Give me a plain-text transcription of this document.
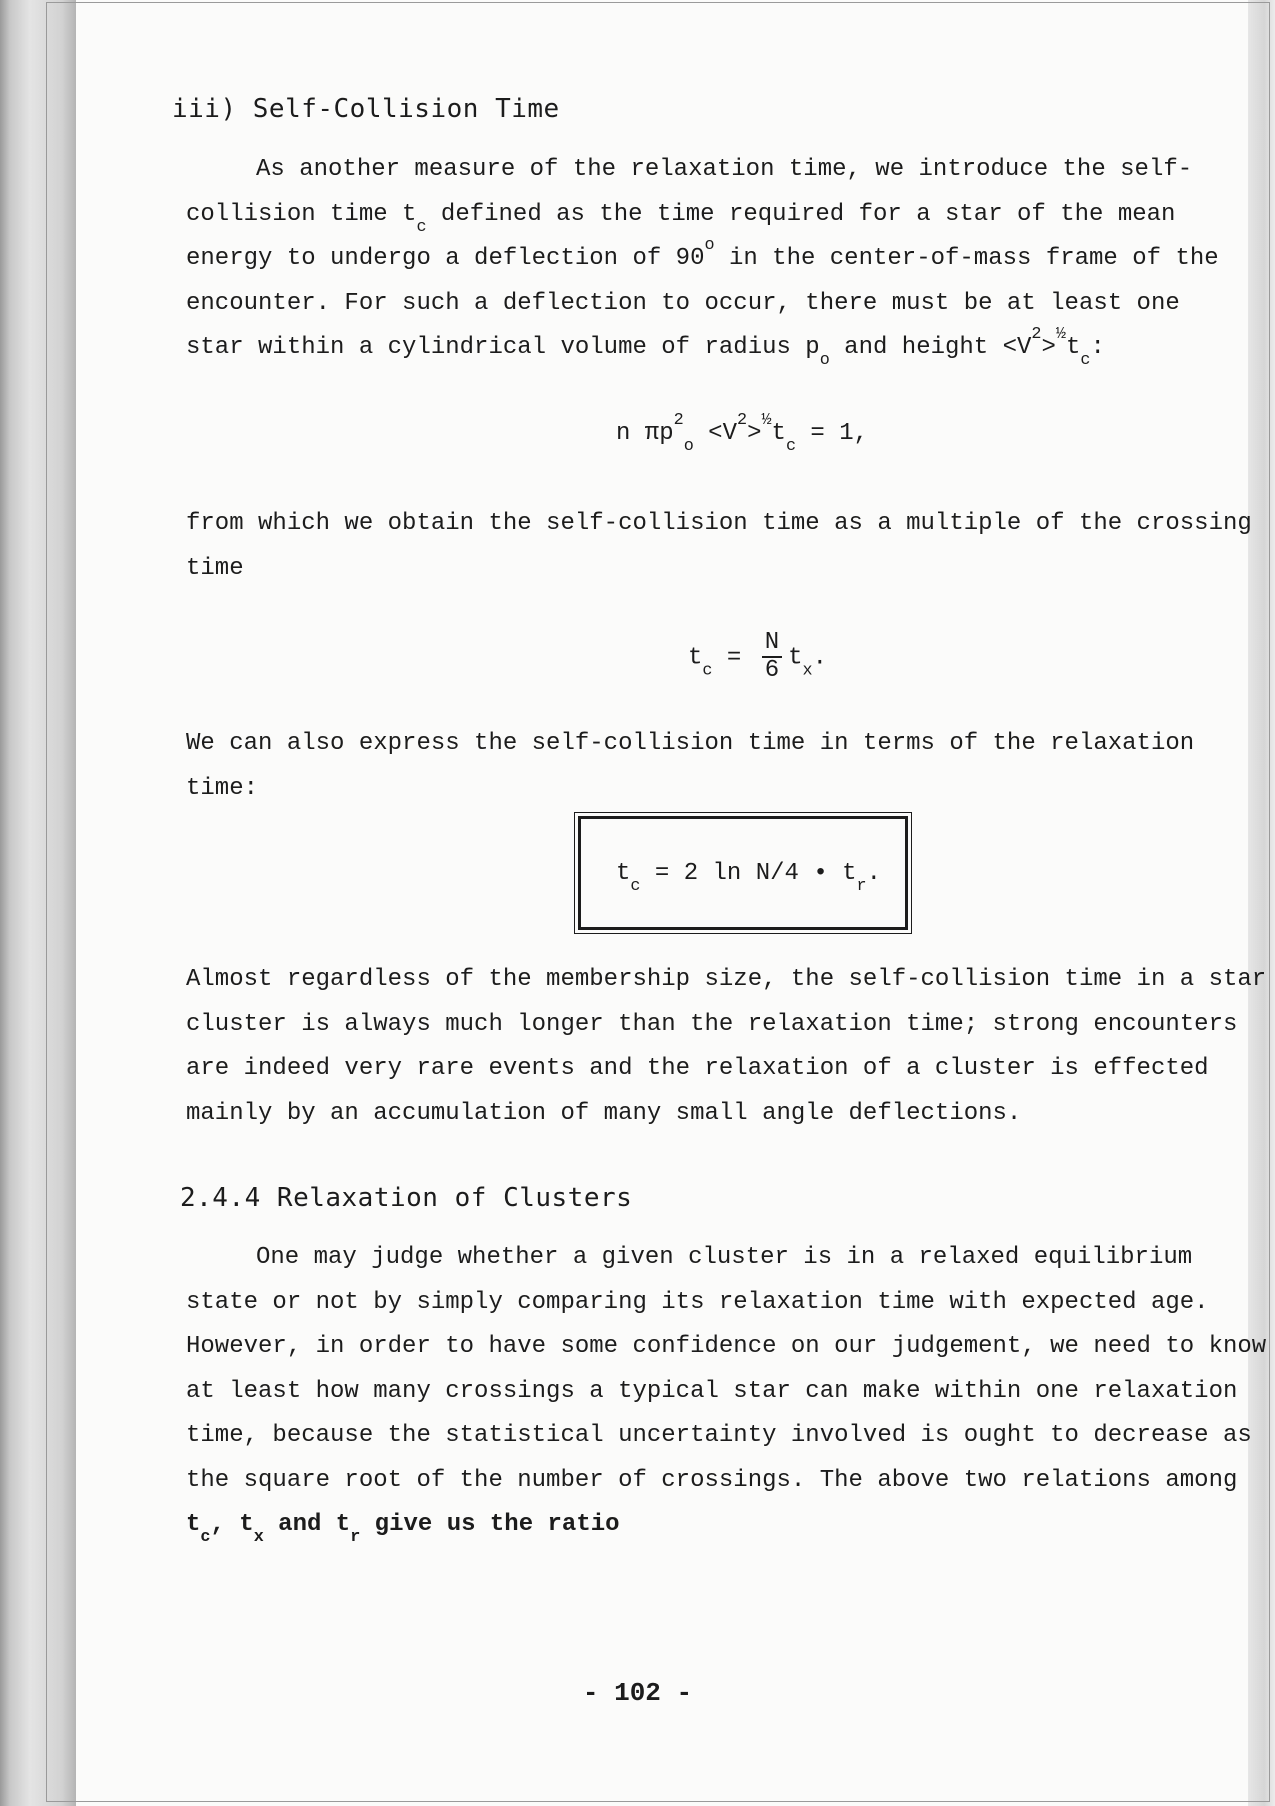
iii) Self-Collision Time

As another measure of the relaxation time, we introduce the self-

collision time $t_c$ defined as the time required for a star of the mean

energy to undergo a deflection of 90$^o$ in the center-of-mass frame of the

encounter. For such a deflection to occur, there must be at least one

star within a cylindrical volume of radius $p_o$ and height $<V^2>^{\frac{1}{2}}t_c$:

n $\pi p^2_o <V^2>^{\frac{1}{2}}t_c = 1$,

from which we obtain the self-collision time as a multiple of the crossing

time

$t_c = \frac{N}{6} t_x$.

We can also express the self-collision time in terms of the relaxation

time:

$t_c = 2$ ln N/4 • $t_r$.

Almost regardless of the membership size, the self-collision time in a star

cluster is always much longer than the relaxation time; strong encounters

are indeed very rare events and the relaxation of a cluster is effected

mainly by an accumulation of many small angle deflections.

2.4.4 Relaxation of Clusters

One may judge whether a given cluster is in a relaxed equilibrium

state or not by simply comparing its relaxation time with expected age.

However, in order to have some confidence on our judgement, we need to know

at least how many crossings a typical star can make within one relaxation

time, because the statistical uncertainty involved is ought to decrease as

the square root of the number of crossings. The above two relations among

$t_c$, $t_x$ and $t_r$ give us the ratio

- 102 -
